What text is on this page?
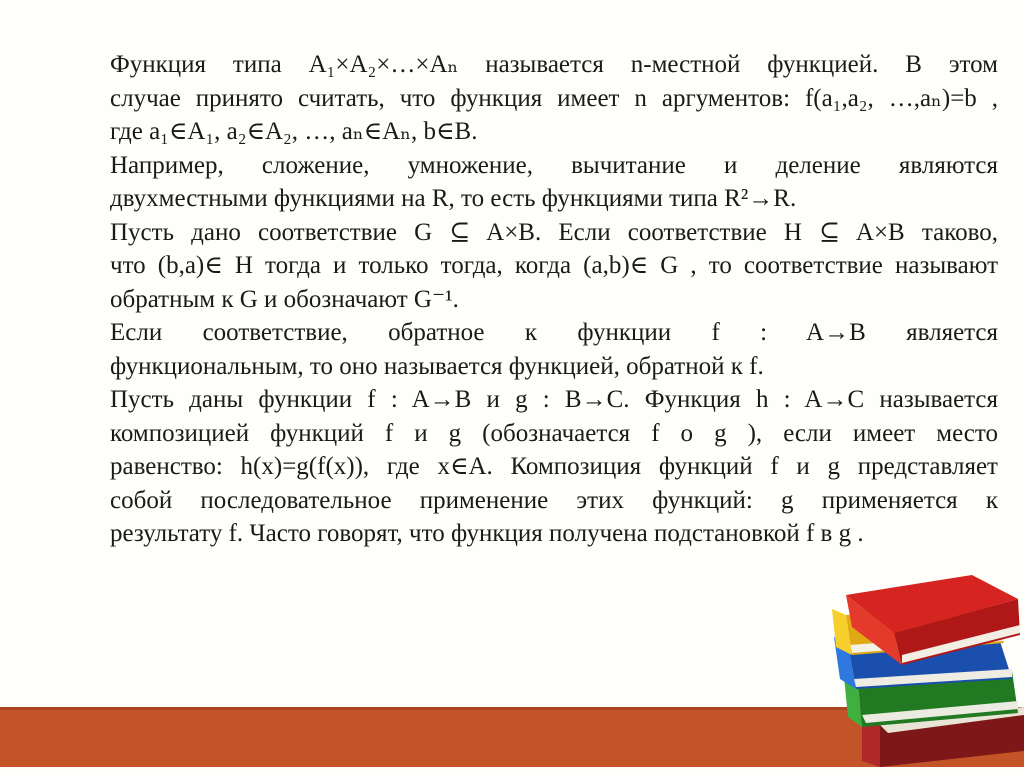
Функция типа A₁×A₂×…×Aₙ называется n-местной функцией. В этом
случае принято считать, что функция имеет n аргументов: f(a₁,a₂, …,aₙ)=b ,
где a₁∈A₁, a₂∈A₂, …, aₙ∈Aₙ, b∈B.

Например, сложение, умножение, вычитание и деление являются
двухместными функциями на R, то есть функциями типа R²→R.

Пусть дано соответствие G ⊆ A×B. Если соответствие H ⊆ A×B таково,
что (b,a)∈ H тогда и только тогда, когда (a,b)∈ G , то соответствие называют
обратным к G и обозначают G⁻¹.

Если соответствие, обратное к функции f : A→B является
функциональным, то оно называется функцией, обратной к f.

Пусть даны функции f : A→B и g : B→C. Функция h : A→C называется
композицией функций f и g (обозначается f o g ), если имеет место
равенство: h(x)=g(f(x)), где x∈A. Композиция функций f и g представляет
собой последовательное применение этих функций: g применяется к
результату f. Часто говорят, что функция получена подстановкой f в g .
